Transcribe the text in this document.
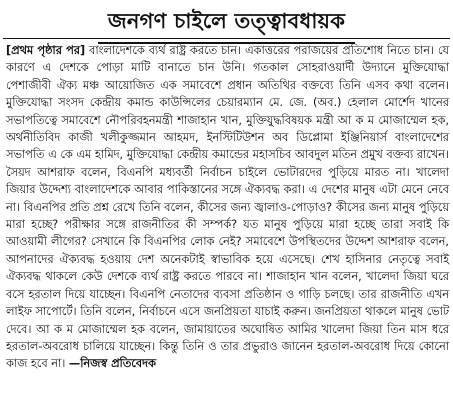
জনগণ চাইলে তত্ত্বাবধায়ক

[প্রথম পৃষ্ঠার পর] বাংলাদেশকে ব্যর্থ রাষ্ট্র করতে চান। একাত্তরের পরাজয়ের প্রতিশোধ নিতে চান। যে কারণে এ দেশকে পোড়া মাটি বানাতে চান উনি। গতকাল সোহরাওয়ার্দী উদ্যানে মুক্তিযোদ্ধা পেশাজীবী ঐক্য মঞ্চ আয়োজিত এক সমাবেশে প্রধান অতিথির বক্তব্যে তিনি এসব কথা বলেন। মুক্তিযোদ্ধা সংসদ কেন্দ্রীয় কমান্ড কাউন্সিলের চেয়ারম্যান মে. জে. (অব.) হেলাল মোর্শেদ খানের সভাপতিত্বে সমাবেশে নৌপরিবহনমন্ত্রী শাজাহান খান, মুক্তিযুদ্ধবিষয়ক মন্ত্রী আ ক ম মোজাম্মেল হক, অর্থনীতিবিদ কাজী খলীকুজ্জমান আহমদ, ইনস্টিটিউশন অব ডিপ্লোমা ইঞ্জিনিয়ার্স বাংলাদেশের সভাপতি এ কে এম হামিদ, মুক্তিযোদ্ধা কেন্দ্রীয় কমান্ডের মহাসচিব আবদুল মতিন প্রমুখ বক্তব্য রাখেন। সৈয়দ আশরাফ বলেন, বিএনপি মধ্যবর্তী নির্বাচন চাইলে ভোটারদের পুড়িয়ে মারত না। খালেদা জিয়ার উদ্দেশ্য বাংলাদেশকে আবার পাকিস্তানের সঙ্গে ঐক্যবদ্ধ করা। এ দেশের মানুষ এটা মেনে নেবে না। বিএনপির প্রতি প্রশ্ন রেখে তিনি বলেন, কীসের জন্য জ্বালাও-পোড়াও? কীসের জন্য মানুষ পুড়িয়ে মারা হচ্ছে? পরীক্ষার সঙ্গে রাজনীতির কী সম্পর্ক? যত মানুষ পুড়িয়ে মারা হচ্ছে তারা সবাই কি আওয়ামী লীগের? সেখানে কি বিএনপির লোক নেই? সমাবেশে উপস্থিতদের উদ্দেশ আশরাফ বলেন, আপনাদের ঐক্যবদ্ধ হওয়ায় দেশ অনেকটাই স্বাভাবিক হয়ে এসেছে। শেখ হাসিনার নেতৃত্বে সবাই ঐক্যবদ্ধ থাকলে কেউ দেশকে ব্যর্থ রাষ্ট্র করতে পারবে না। শাজাহান খান বলেন, খালেদা জিয়া ঘরে বসে হরতাল দিয়ে যাচ্ছেন। বিএনপি নেতাদের ব্যবসা প্রতিষ্ঠান ও গাড়ি চলছে। তার রাজনীতি এখন লাইফ সাপোর্টে। তিনি বলেন, নির্বাচনে এসে জনপ্রিয়তা যাচাই করুন। জনপ্রিয়তা থাকলে মানুষ ভোট দেবে। আ ক ম মোজাম্মেল হক বলেন, জামায়াতের অঘোষিত আমির খালেদা জিয়া তিন মাস ধরে হরতাল-অবরোধ চালিয়ে যাচ্ছেন। কিন্তু তিনি ও তার প্রভুরাও জানেন হরতাল-অবরোধ দিয়ে কোনো কাজ হবে না। —নিজস্ব প্রতিবেদক
